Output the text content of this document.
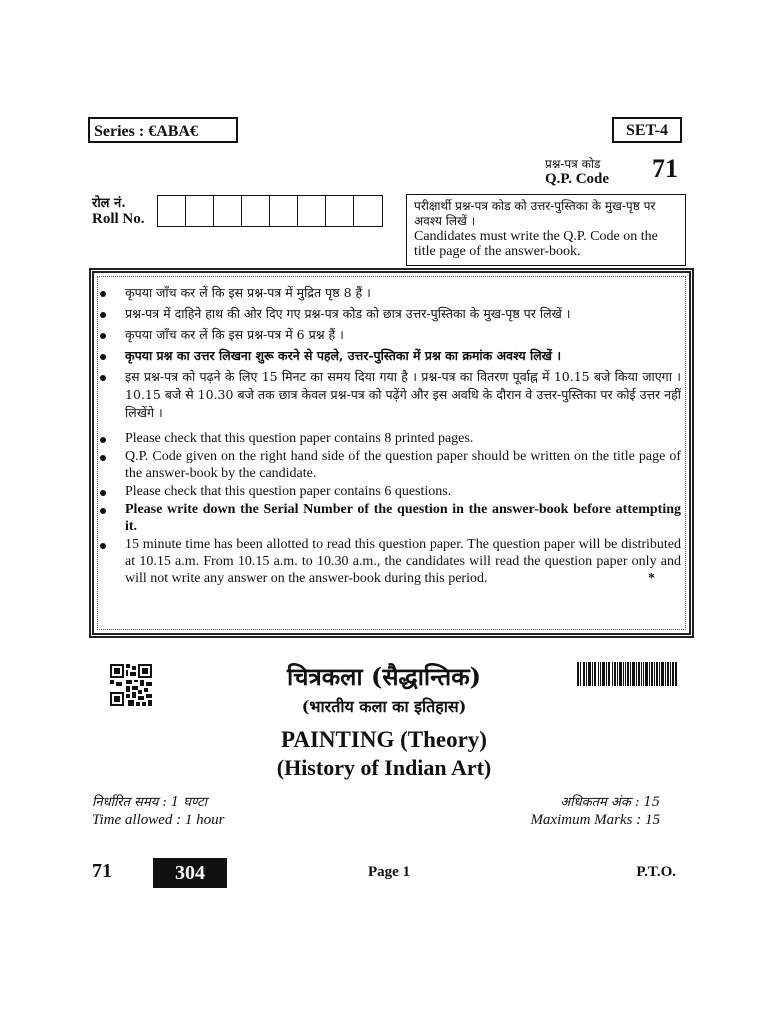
Series : €ABA€	SET-4
प्रश्न-पत्र कोड
Q.P. Code 71
रोल नं.
Roll No.
परीक्षार्थी प्रश्न-पत्र कोड को उत्तर-पुस्तिका के मुख-पृष्ठ पर अवश्य लिखें ।
Candidates must write the Q.P. Code on the title page of the answer-book.
कृपया जाँच कर लें कि इस प्रश्न-पत्र में मुद्रित पृष्ठ 8 हैं ।
प्रश्न-पत्र में दाहिने हाथ की ओर दिए गए प्रश्न-पत्र कोड को छात्र उत्तर-पुस्तिका के मुख-पृष्ठ पर लिखें ।
कृपया जाँच कर लें कि इस प्रश्न-पत्र में 6 प्रश्न हैं ।
कृपया प्रश्न का उत्तर लिखना शुरू करने से पहले, उत्तर-पुस्तिका में प्रश्न का क्रमांक अवश्य लिखें ।
इस प्रश्न-पत्र को पढ़ने के लिए 15 मिनट का समय दिया गया है । प्रश्न-पत्र का वितरण पूर्वाह्न में 10.15 बजे किया जाएगा । 10.15 बजे से 10.30 बजे तक छात्र केवल प्रश्न-पत्र को पढ़ेंगे और इस अवधि के दौरान वे उत्तर-पुस्तिका पर कोई उत्तर नहीं लिखेंगे ।
Please check that this question paper contains 8 printed pages.
Q.P. Code given on the right hand side of the question paper should be written on the title page of the answer-book by the candidate.
Please check that this question paper contains 6 questions.
Please write down the Serial Number of the question in the answer-book before attempting it.
15 minute time has been allotted to read this question paper. The question paper will be distributed at 10.15 a.m. From 10.15 a.m. to 10.30 a.m., the candidates will read the question paper only and will not write any answer on the answer-book during this period.	*
चित्रकला (सैद्धान्तिक)
(भारतीय कला का इतिहास)
PAINTING (Theory)
(History of Indian Art)
निर्धारित समय : 1 घण्टा
Time allowed : 1 hour
अधिकतम अंक : 15
Maximum Marks : 15
71	304	Page 1	P.T.O.
